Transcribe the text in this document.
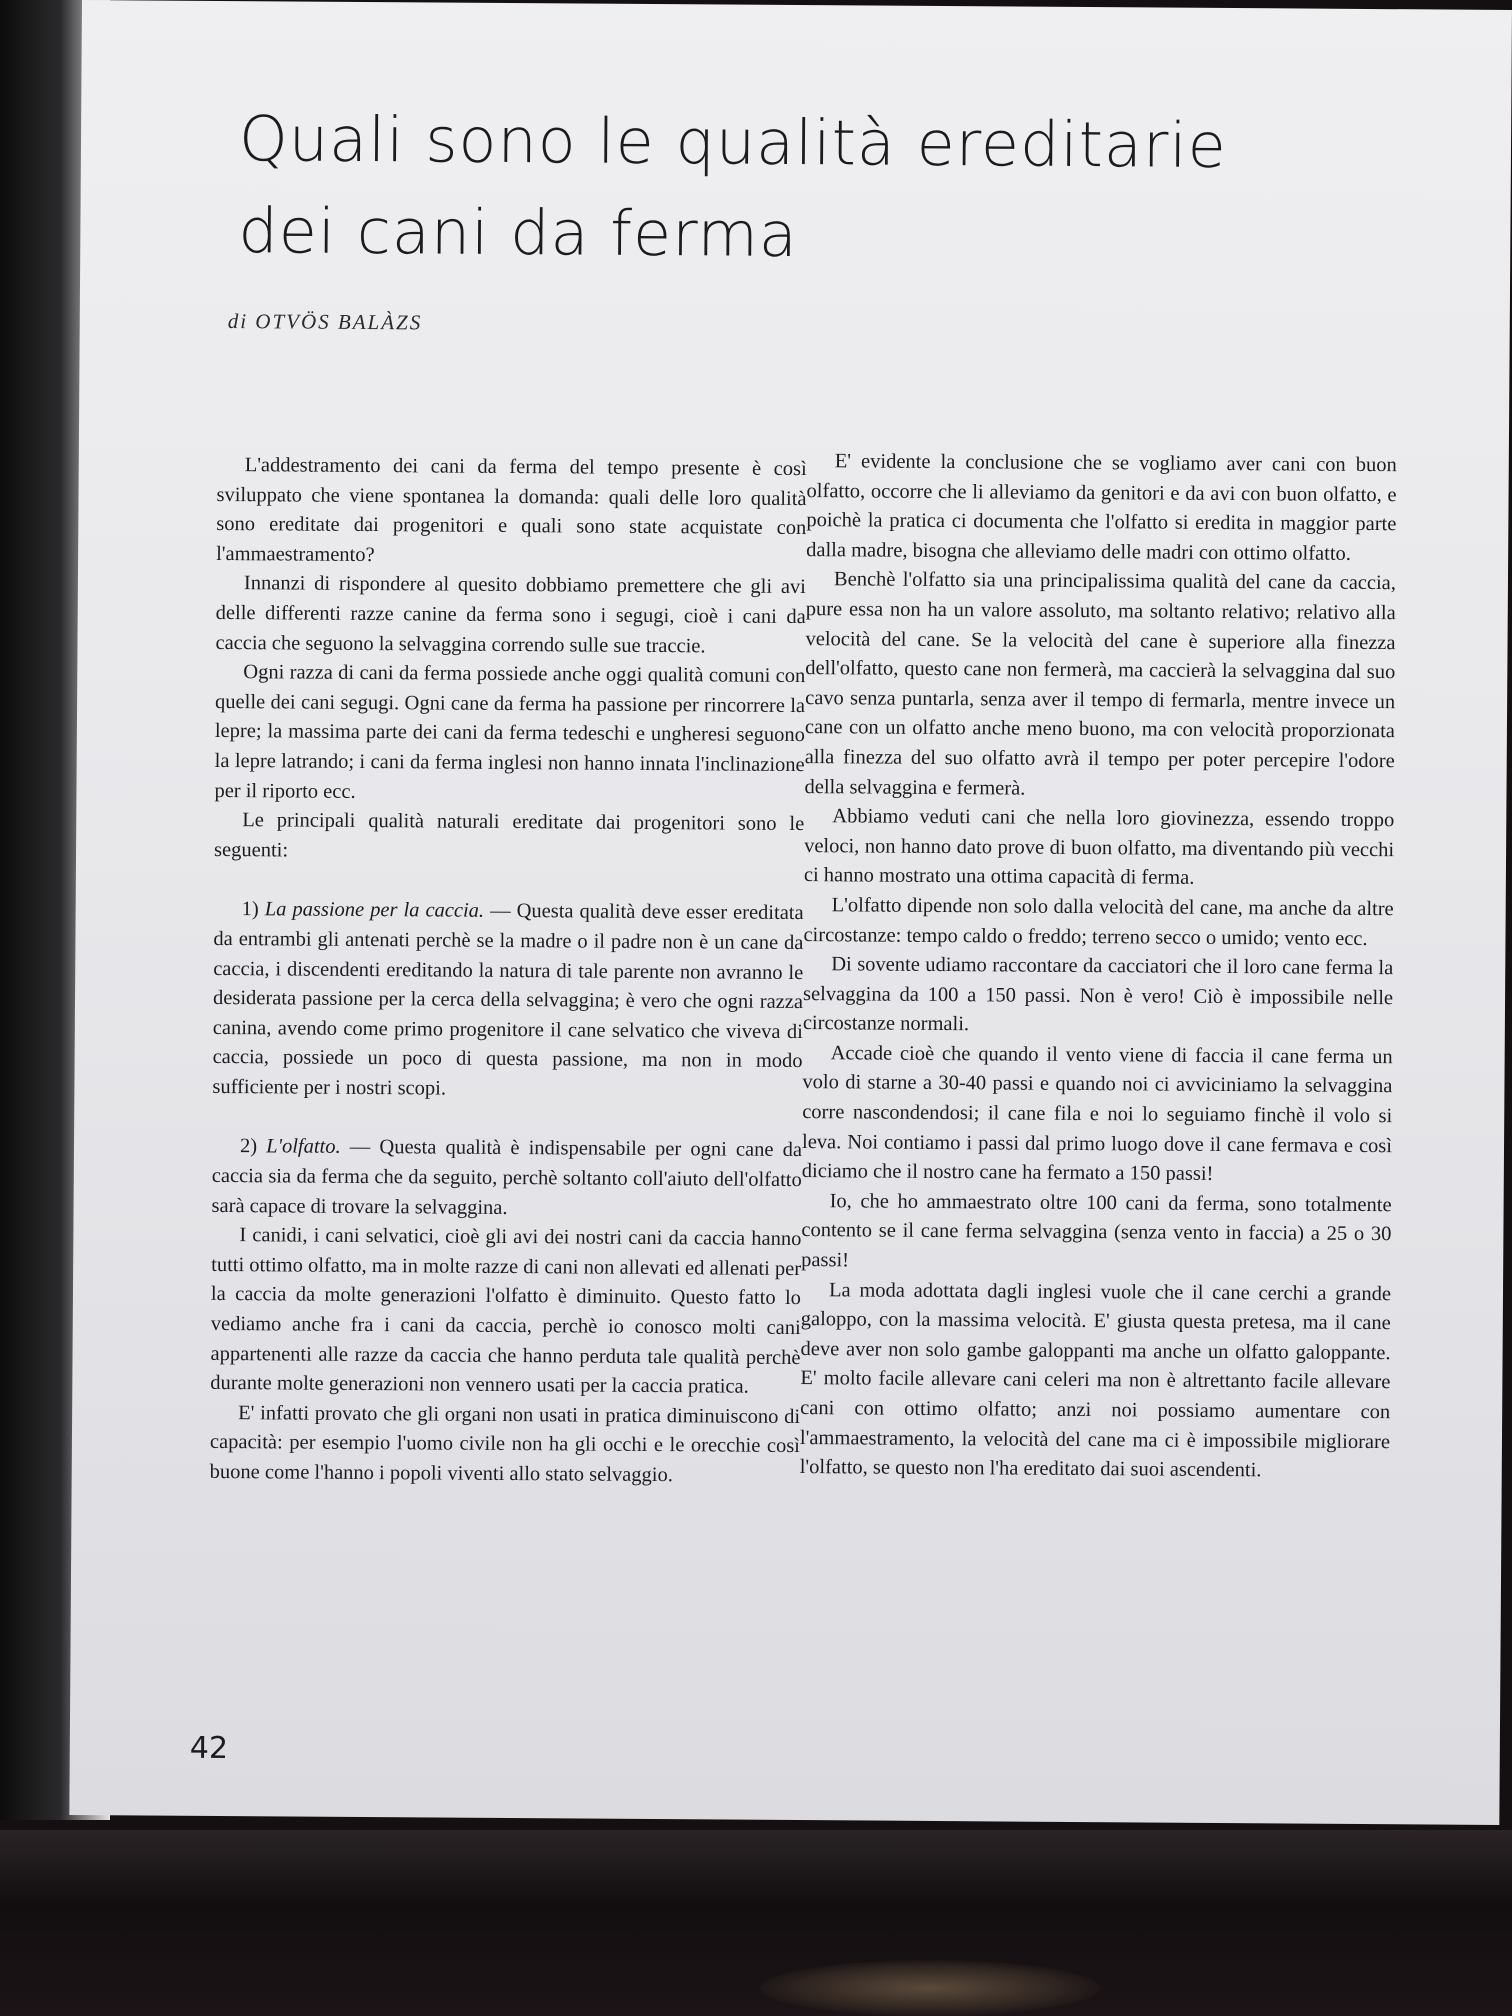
Quali sono le qualità ereditarie
dei cani da ferma
di OTVÖS BALÀZS

L'addestramento dei cani da ferma del tempo presente è così sviluppato che viene spontanea la domanda: quali delle loro qualità sono ereditate dai progenitori e quali sono state acquistate con l'ammaestramento?

Innanzi di rispondere al quesito dobbiamo premettere che gli avi delle differenti razze canine da ferma sono i segugi, cioè i cani da caccia che seguono la selvaggina correndo sulle sue traccie.

Ogni razza di cani da ferma possiede anche oggi qualità comuni con quelle dei cani segugi. Ogni cane da ferma ha passione per rincorrere la lepre; la massima parte dei cani da ferma tedeschi e ungheresi seguono la lepre latrando; i cani da ferma inglesi non hanno innata l'inclinazione per il riporto ecc.

Le principali qualità naturali ereditate dai progenitori sono le seguenti:

1) La passione per la caccia. — Questa qualità deve esser ereditata da entrambi gli antenati perchè se la madre o il padre non è un cane da caccia, i discendenti ereditando la natura di tale parente non avranno le desiderata passione per la cerca della selvaggina; è vero che ogni razza canina, avendo come primo progenitore il cane selvatico che viveva di caccia, possiede un poco di questa passione, ma non in modo sufficiente per i nostri scopi.

2) L'olfatto. — Questa qualità è indispensabile per ogni cane da caccia sia da ferma che da seguito, perchè soltanto coll'aiuto dell'olfatto sarà capace di trovare la selvaggina.

I canidi, i cani selvatici, cioè gli avi dei nostri cani da caccia hanno tutti ottimo olfatto, ma in molte razze di cani non allevati ed allenati per la caccia da molte generazioni l'olfatto è diminuito. Questo fatto lo vediamo anche fra i cani da caccia, perchè io conosco molti cani appartenenti alle razze da caccia che hanno perduta tale qualità perchè durante molte generazioni non vennero usati per la caccia pratica.

E' infatti provato che gli organi non usati in pratica diminuiscono di capacità: per esempio l'uomo civile non ha gli occhi e le orecchie così buone come l'hanno i popoli viventi allo stato selvaggio.

E' evidente la conclusione che se vogliamo aver cani con buon olfatto, occorre che li alleviamo da genitori e da avi con buon olfatto, e poichè la pratica ci documenta che l'olfatto si eredita in maggior parte dalla madre, bisogna che alleviamo delle madri con ottimo olfatto.

Benchè l'olfatto sia una principalissima qualità del cane da caccia, pure essa non ha un valore assoluto, ma soltanto relativo; relativo alla velocità del cane. Se la velocità del cane è superiore alla finezza dell'olfatto, questo cane non fermerà, ma caccierà la selvaggina dal suo cavo senza puntarla, senza aver il tempo di fermarla, mentre invece un cane con un olfatto anche meno buono, ma con velocità proporzionata alla finezza del suo olfatto avrà il tempo per poter percepire l'odore della selvaggina e fermerà.

Abbiamo veduti cani che nella loro giovinezza, essendo troppo veloci, non hanno dato prove di buon olfatto, ma diventando più vecchi ci hanno mostrato una ottima capacità di ferma.

L'olfatto dipende non solo dalla velocità del cane, ma anche da altre circostanze: tempo caldo o freddo; terreno secco o umido; vento ecc.

Di sovente udiamo raccontare da cacciatori che il loro cane ferma la selvaggina da 100 a 150 passi. Non è vero! Ciò è impossibile nelle circostanze normali.

Accade cioè che quando il vento viene di faccia il cane ferma un volo di starne a 30-40 passi e quando noi ci avviciniamo la selvaggina corre nascondendosi; il cane fila e noi lo seguiamo finchè il volo si leva. Noi contiamo i passi dal primo luogo dove il cane fermava e così diciamo che il nostro cane ha fermato a 150 passi!

Io, che ho ammaestrato oltre 100 cani da ferma, sono totalmente contento se il cane ferma selvaggina (senza vento in faccia) a 25 o 30 passi!

La moda adottata dagli inglesi vuole che il cane cerchi a grande galoppo, con la massima velocità. E' giusta questa pretesa, ma il cane deve aver non solo gambe galoppanti ma anche un olfatto galoppante. E' molto facile allevare cani celeri ma non è altrettanto facile allevare cani con ottimo olfatto; anzi noi possiamo aumentare con l'ammaestramento, la velocità del cane ma ci è impossibile migliorare l'olfatto, se questo non l'ha ereditato dai suoi ascendenti.

42
